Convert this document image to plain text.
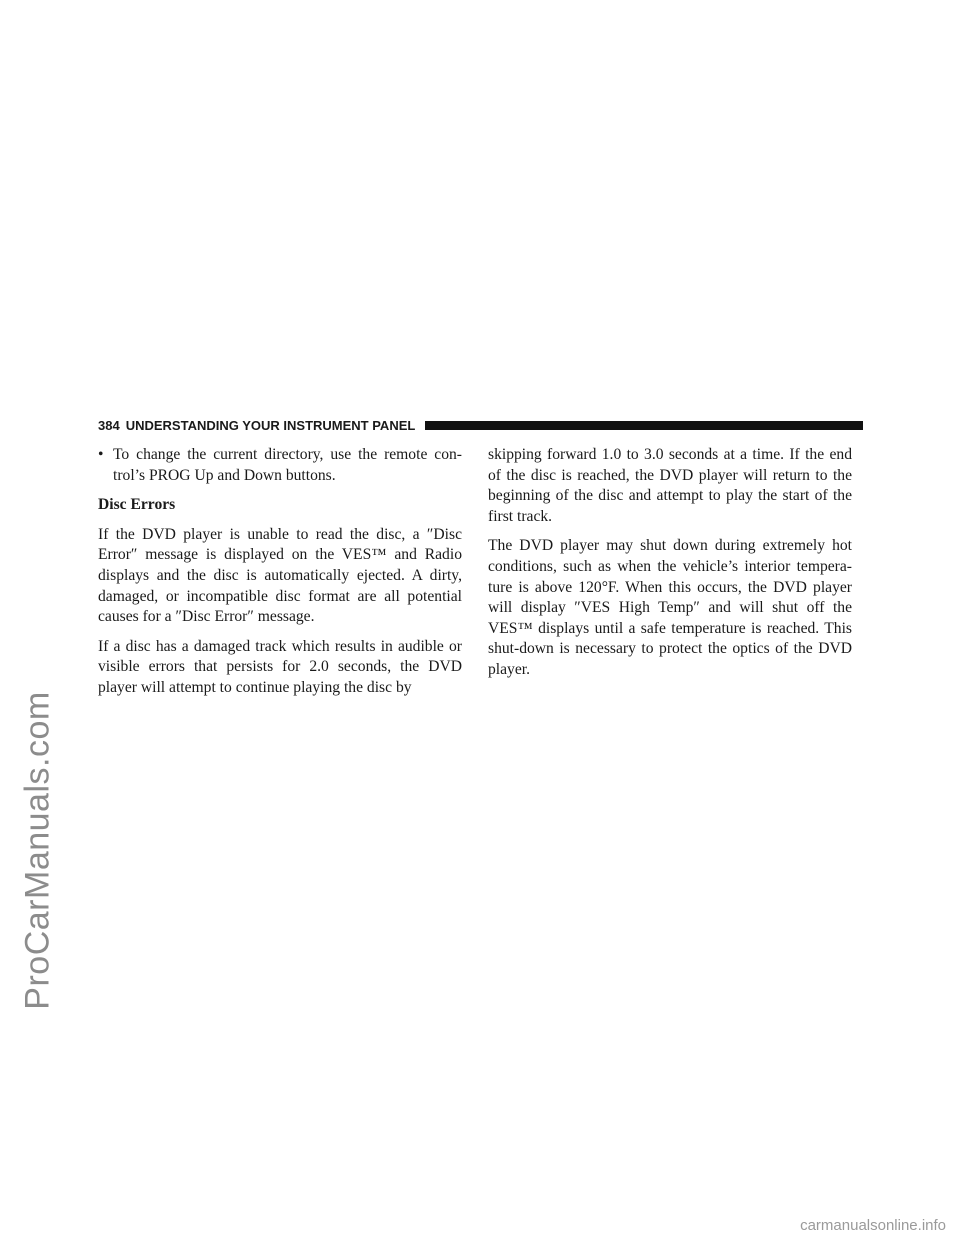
ProCarManuals.com
384 UNDERSTANDING YOUR INSTRUMENT PANEL
• To change the current directory, use the remote con-trol’s PROG Up and Down buttons.
Disc Errors

If the DVD player is unable to read the disc, a ″Disc Error″ message is displayed on the VES™ and Radio displays and the disc is automatically ejected. A dirty, damaged, or incompatible disc format are all potential causes for a ″Disc Error″ message.

If a disc has a damaged track which results in audible or visible errors that persists for 2.0 seconds, the DVD player will attempt to continue playing the disc by

skipping forward 1.0 to 3.0 seconds at a time. If the end of the disc is reached, the DVD player will return to the beginning of the disc and attempt to play the start of the first track.

The DVD player may shut down during extremely hot conditions, such as when the vehicle’s interior tempera-ture is above 120°F. When this occurs, the DVD player will display ″VES High Temp″ and will shut off the VES™ displays until a safe temperature is reached. This shut-down is necessary to protect the optics of the DVD player.

carmanualsonline.info
